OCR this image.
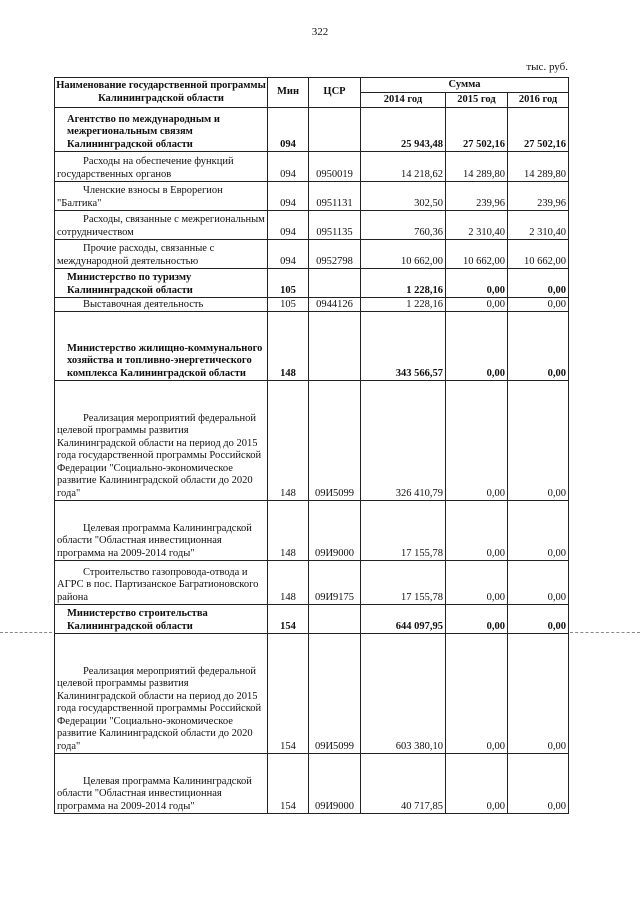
322
тыс. руб.
Наименование государственной программы Калининградской области	Мин	ЦСР	Сумма		
			2014 год	2015 год	2016 год
Агентство по международным и межрегиональным связям Калининградской области	094		25 943,48	27 502,16	27 502,16
Расходы на обеспечение функций государственных органов	094	0950019	14 218,62	14 289,80	14 289,80
Членские взносы в Еврорегион "Балтика"	094	0951131	302,50	239,96	239,96
Расходы, связанные с межрегиональным сотрудничеством	094	0951135	760,36	2 310,40	2 310,40
Прочие расходы, связанные с международной деятельностью	094	0952798	10 662,00	10 662,00	10 662,00
Министерство по туризму Калининградской области	105		1 228,16	0,00	0,00
Выставочная деятельность	105	0944126	1 228,16	0,00	0,00
Министерство жилищно-коммунального хозяйства и топливно-энергетического комплекса Калининградской области	148		343 566,57	0,00	0,00
Реализация мероприятий федеральной целевой программы развития Калининградской области на период до 2015 года государственной программы Российской Федерации "Социально-экономическое развитие Калининградской области до 2020 года"	148	09И5099	326 410,79	0,00	0,00
Целевая программа Калининградской области "Областная инвестиционная программа на 2009-2014 годы"	148	09И9000	17 155,78	0,00	0,00
Строительство газопровода-отвода и АГРС в пос. Партизанское Багратионовского района	148	09И9175	17 155,78	0,00	0,00
Министерство строительства Калининградской области	154		644 097,95	0,00	0,00
Реализация мероприятий федеральной целевой программы развития Калининградской области на период до 2015 года государственной программы Российской Федерации "Социально-экономическое развитие Калининградской области до 2020 года"	154	09И5099	603 380,10	0,00	0,00
Целевая программа Калининградской области "Областная инвестиционная программа на 2009-2014 годы"	154	09И9000	40 717,85	0,00	0,00
